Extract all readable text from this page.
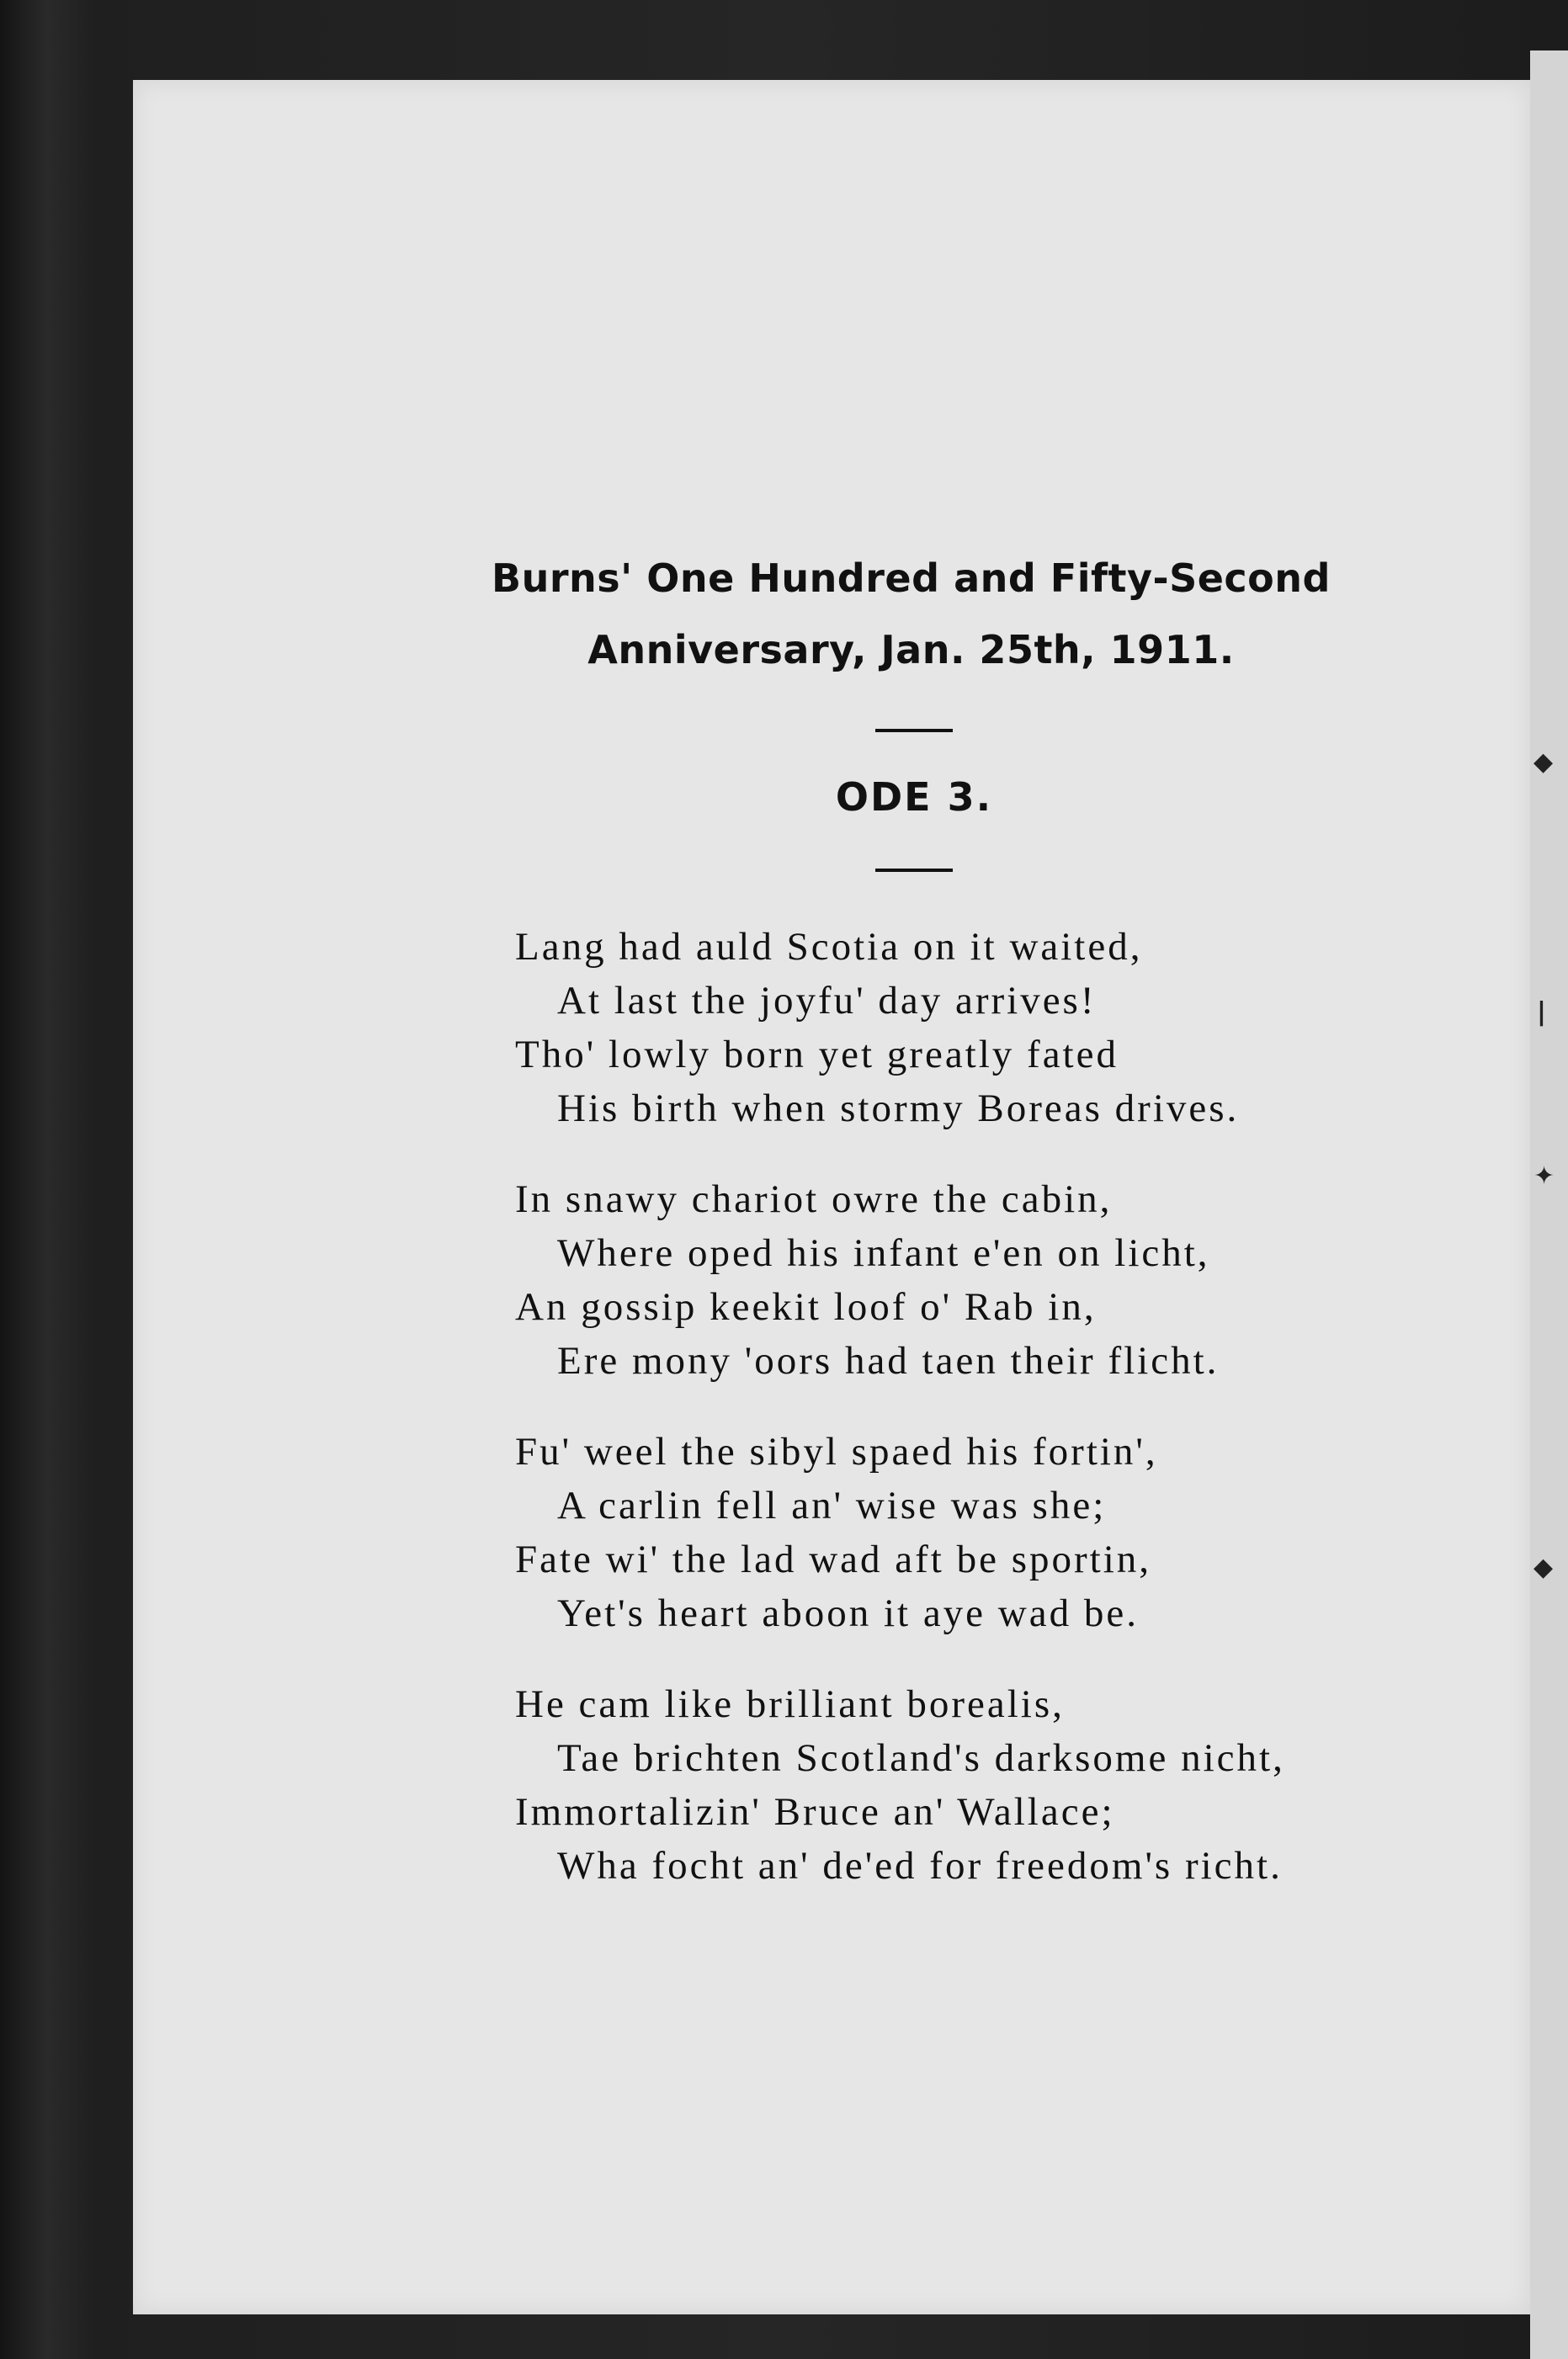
◆
|
✦
◆
Burns' One Hundred and Fifty-Second
Anniversary, Jan. 25th, 1911.
ODE 3.
Lang had auld Scotia on it waited,
At last the joyfu' day arrives!
Tho' lowly born yet greatly fated
His birth when stormy Boreas drives.
In snawy chariot owre the cabin,
Where oped his infant e'en on licht,
An gossip keekit loof o' Rab in,
Ere mony 'oors had taen their flicht.
Fu' weel the sibyl spaed his fortin',
A carlin fell an' wise was she;
Fate wi' the lad wad aft be sportin,
Yet's heart aboon it aye wad be.
He cam like brilliant borealis,
Tae brichten Scotland's darksome nicht,
Immortalizin' Bruce an' Wallace;
Wha focht an' de'ed for freedom's richt.
